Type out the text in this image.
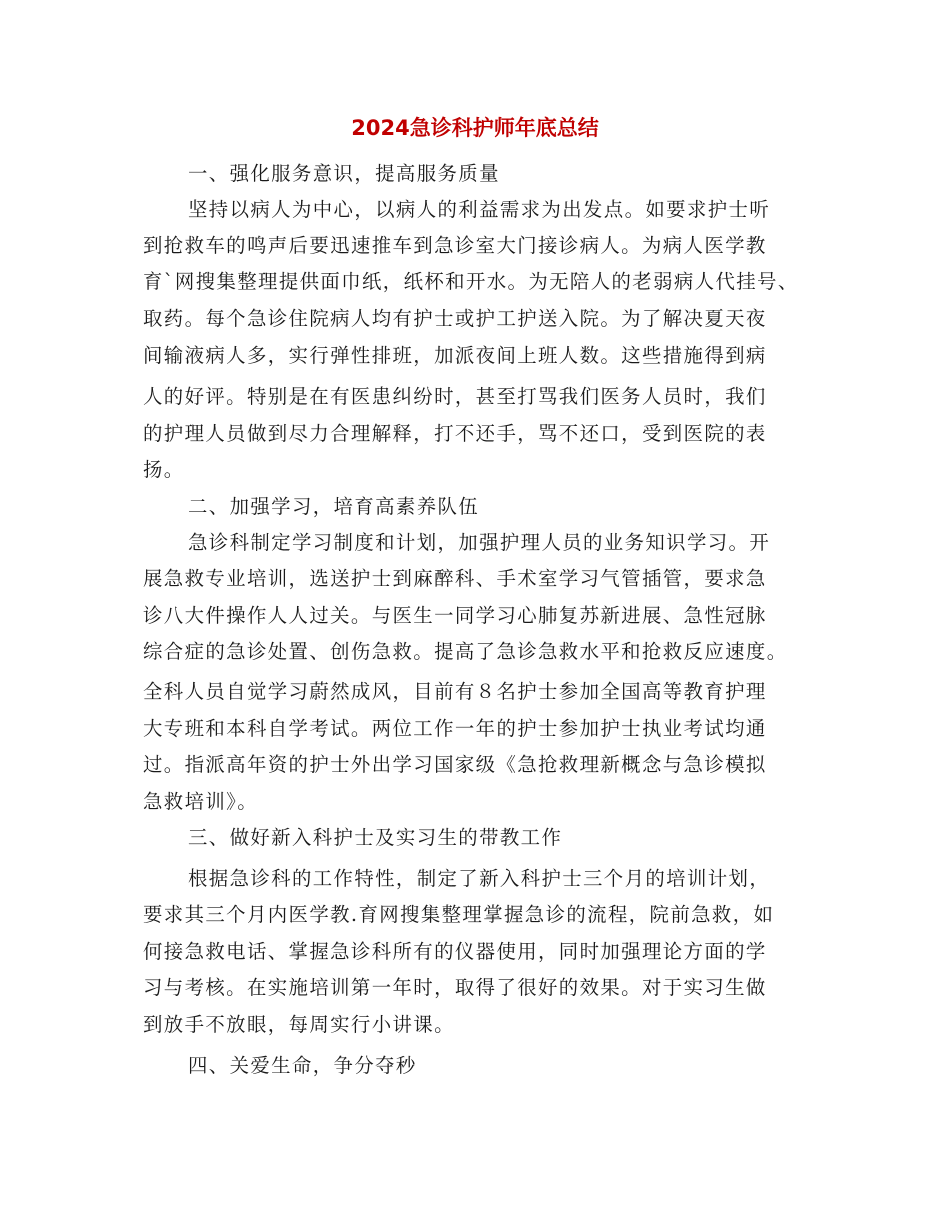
2024急诊科护师年底总结

一、强化服务意识，提高服务质量

坚持以病人为中心，以病人的利益需求为出发点。如要求护士听

到抢救车的鸣声后要迅速推车到急诊室大门接诊病人。为病人医学教

育`网搜集整理提供面巾纸，纸杯和开水。为无陪人的老弱病人代挂号、

取药。每个急诊住院病人均有护士或护工护送入院。为了解决夏天夜

间输液病人多，实行弹性排班，加派夜间上班人数。这些措施得到病

人的好评。特别是在有医患纠纷时，甚至打骂我们医务人员时，我们

的护理人员做到尽力合理解释，打不还手，骂不还口，受到医院的表

扬。

二、加强学习，培育高素养队伍

急诊科制定学习制度和计划，加强护理人员的业务知识学习。开

展急救专业培训，选送护士到麻醉科、手术室学习气管插管，要求急

诊八大件操作人人过关。与医生一同学习心肺复苏新进展、急性冠脉

综合症的急诊处置、创伤急救。提高了急诊急救水平和抢救反应速度。

全科人员自觉学习蔚然成风，目前有８名护士参加全国高等教育护理

大专班和本科自学考试。两位工作一年的护士参加护士执业考试均通

过。指派高年资的护士外出学习国家级《急抢救理新概念与急诊模拟

急救培训》。

三、做好新入科护士及实习生的带教工作

根据急诊科的工作特性，制定了新入科护士三个月的培训计划，

要求其三个月内医学教.育网搜集整理掌握急诊的流程，院前急救，如

何接急救电话、掌握急诊科所有的仪器使用，同时加强理论方面的学

习与考核。在实施培训第一年时，取得了很好的效果。对于实习生做

到放手不放眼，每周实行小讲课。

四、关爱生命，争分夺秒
